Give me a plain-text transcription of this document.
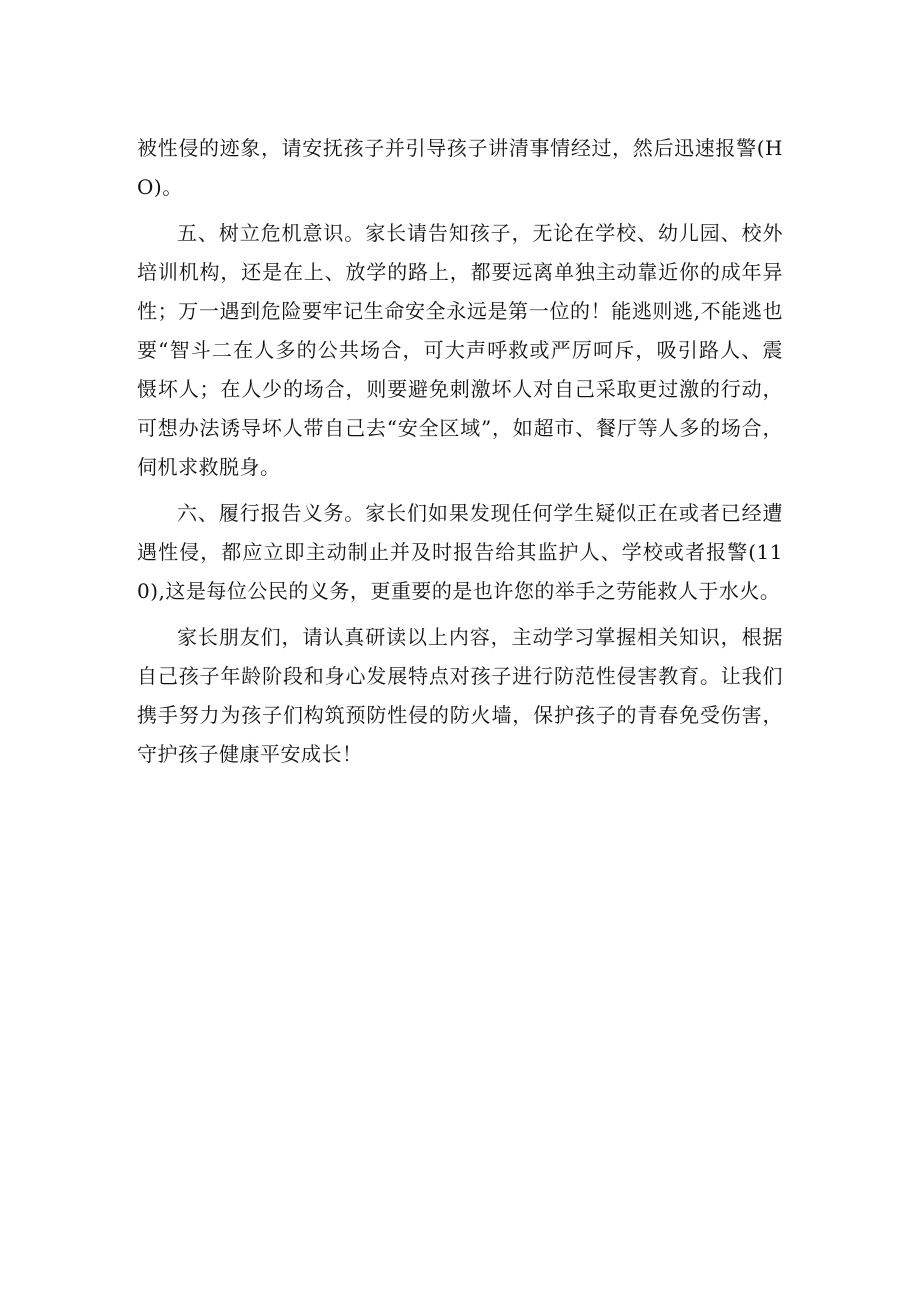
被性侵的迹象，请安抚孩子并引导孩子讲清事情经过，然后迅速报警(HO)。

五、树立危机意识。家长请告知孩子，无论在学校、幼儿园、校外培训机构，还是在上、放学的路上，都要远离单独主动靠近你的成年异性；万一遇到危险要牢记生命安全永远是第一位的！能逃则逃,不能逃也要“智斗二在人多的公共场合，可大声呼救或严厉呵斥，吸引路人、震慑坏人；在人少的场合，则要避免刺激坏人对自己采取更过激的行动，可想办法诱导坏人带自己去“安全区域”，如超市、餐厅等人多的场合，伺机求救脱身。

六、履行报告义务。家长们如果发现任何学生疑似正在或者已经遭遇性侵，都应立即主动制止并及时报告给其监护人、学校或者报警(110),这是每位公民的义务，更重要的是也许您的举手之劳能救人于水火。

家长朋友们，请认真研读以上内容，主动学习掌握相关知识，根据自己孩子年龄阶段和身心发展特点对孩子进行防范性侵害教育。让我们携手努力为孩子们构筑预防性侵的防火墙，保护孩子的青春免受伤害，守护孩子健康平安成长！
